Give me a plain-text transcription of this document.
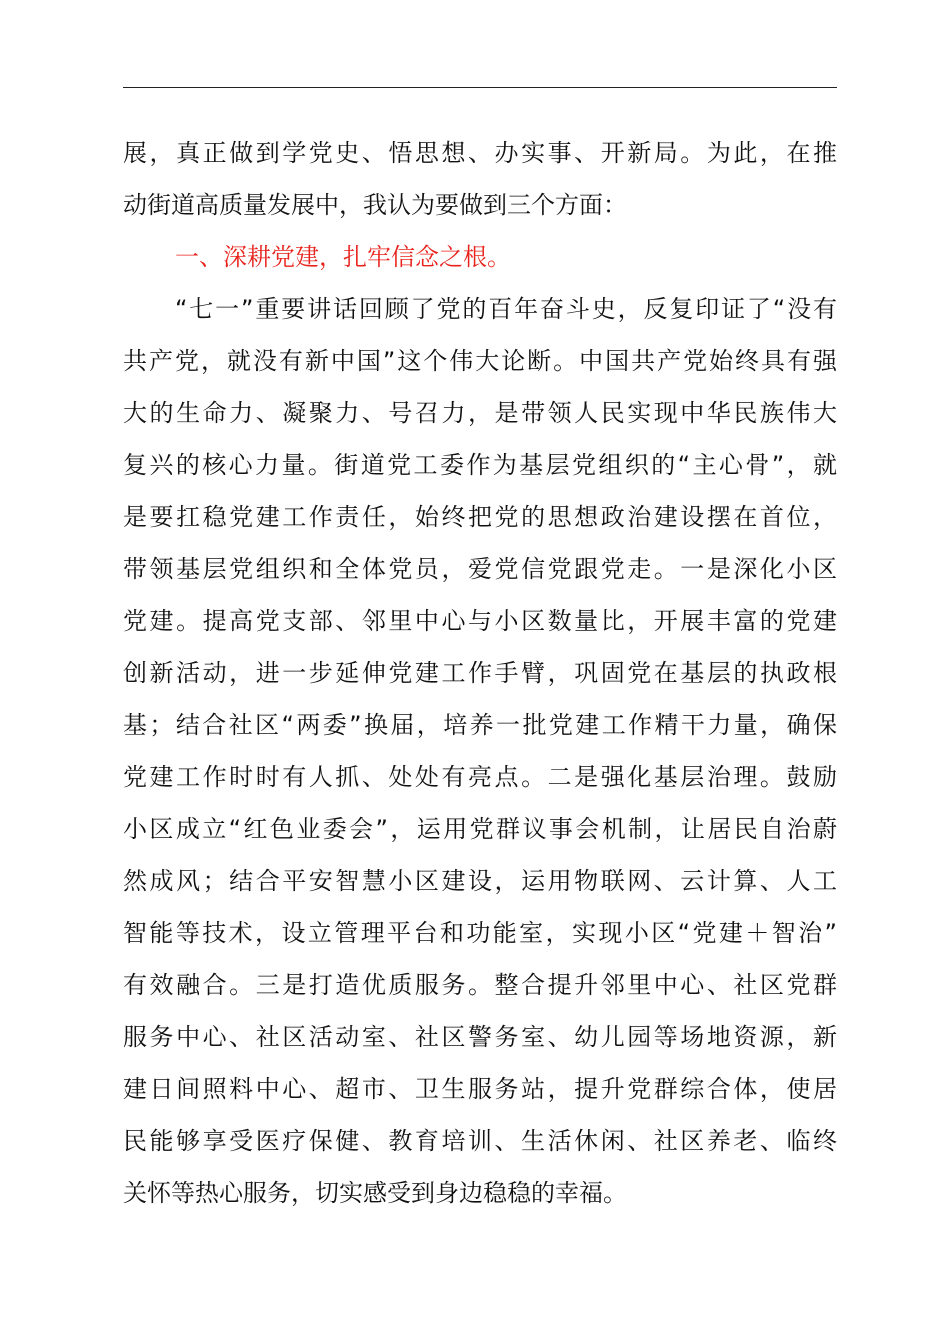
展，真正做到学党史、悟思想、办实事、开新局。为此，在推
动街道高质量发展中，我认为要做到三个方面：
一、深耕党建，扎牢信念之根。
“七一”重要讲话回顾了党的百年奋斗史，反复印证了“没有
共产党，就没有新中国”这个伟大论断。中国共产党始终具有强
大的生命力、凝聚力、号召力，是带领人民实现中华民族伟大
复兴的核心力量。街道党工委作为基层党组织的“主心骨”，就
是要扛稳党建工作责任，始终把党的思想政治建设摆在首位，
带领基层党组织和全体党员，爱党信党跟党走。一是深化小区
党建。提高党支部、邻里中心与小区数量比，开展丰富的党建
创新活动，进一步延伸党建工作手臂，巩固党在基层的执政根
基；结合社区“两委”换届，培养一批党建工作精干力量，确保
党建工作时时有人抓、处处有亮点。二是强化基层治理。鼓励
小区成立“红色业委会”，运用党群议事会机制，让居民自治蔚
然成风；结合平安智慧小区建设，运用物联网、云计算、人工
智能等技术，设立管理平台和功能室，实现小区“党建＋智治”
有效融合。三是打造优质服务。整合提升邻里中心、社区党群
服务中心、社区活动室、社区警务室、幼儿园等场地资源，新
建日间照料中心、超市、卫生服务站，提升党群综合体，使居
民能够享受医疗保健、教育培训、生活休闲、社区养老、临终
关怀等热心服务，切实感受到身边稳稳的幸福。
